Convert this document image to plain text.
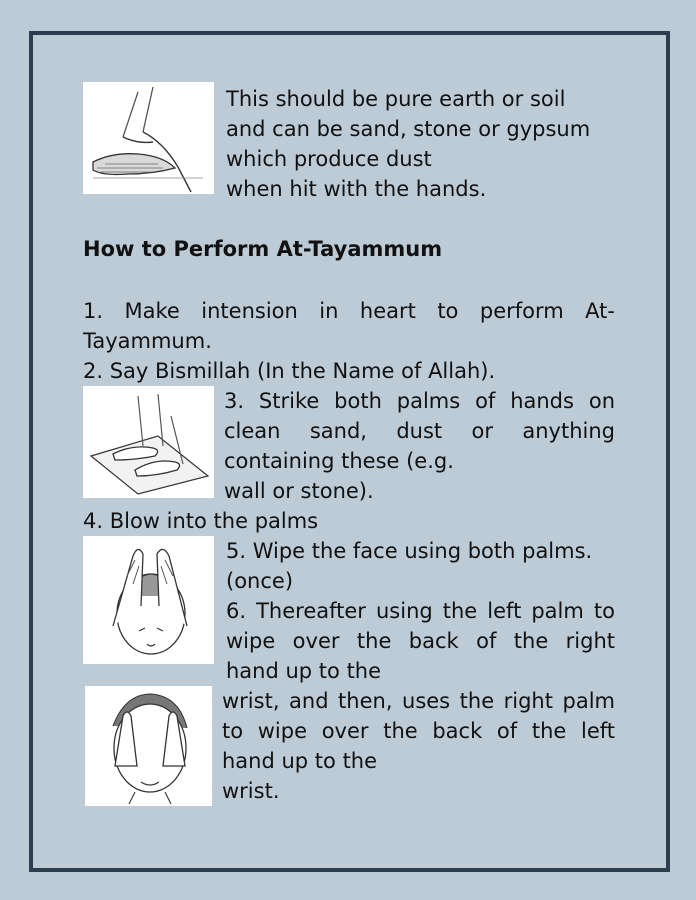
This should be pure earth or soil
and can be sand, stone or gypsum
which produce dust
when hit with the hands.
How to Perform At-Tayammum
1. Make intension in heart to perform At-
Tayammum.
2. Say Bismillah (In the Name of Allah).
3. Strike both palms of hands on
clean sand, dust or anything
containing these (e.g.
wall or stone).
4. Blow into the palms
5. Wipe the face using both palms.
(once)
6. Thereafter using the left palm to
wipe over the back of the right
hand up to the
wrist, and then, uses the right palm
to wipe over the back of the left
hand up to the
wrist.
